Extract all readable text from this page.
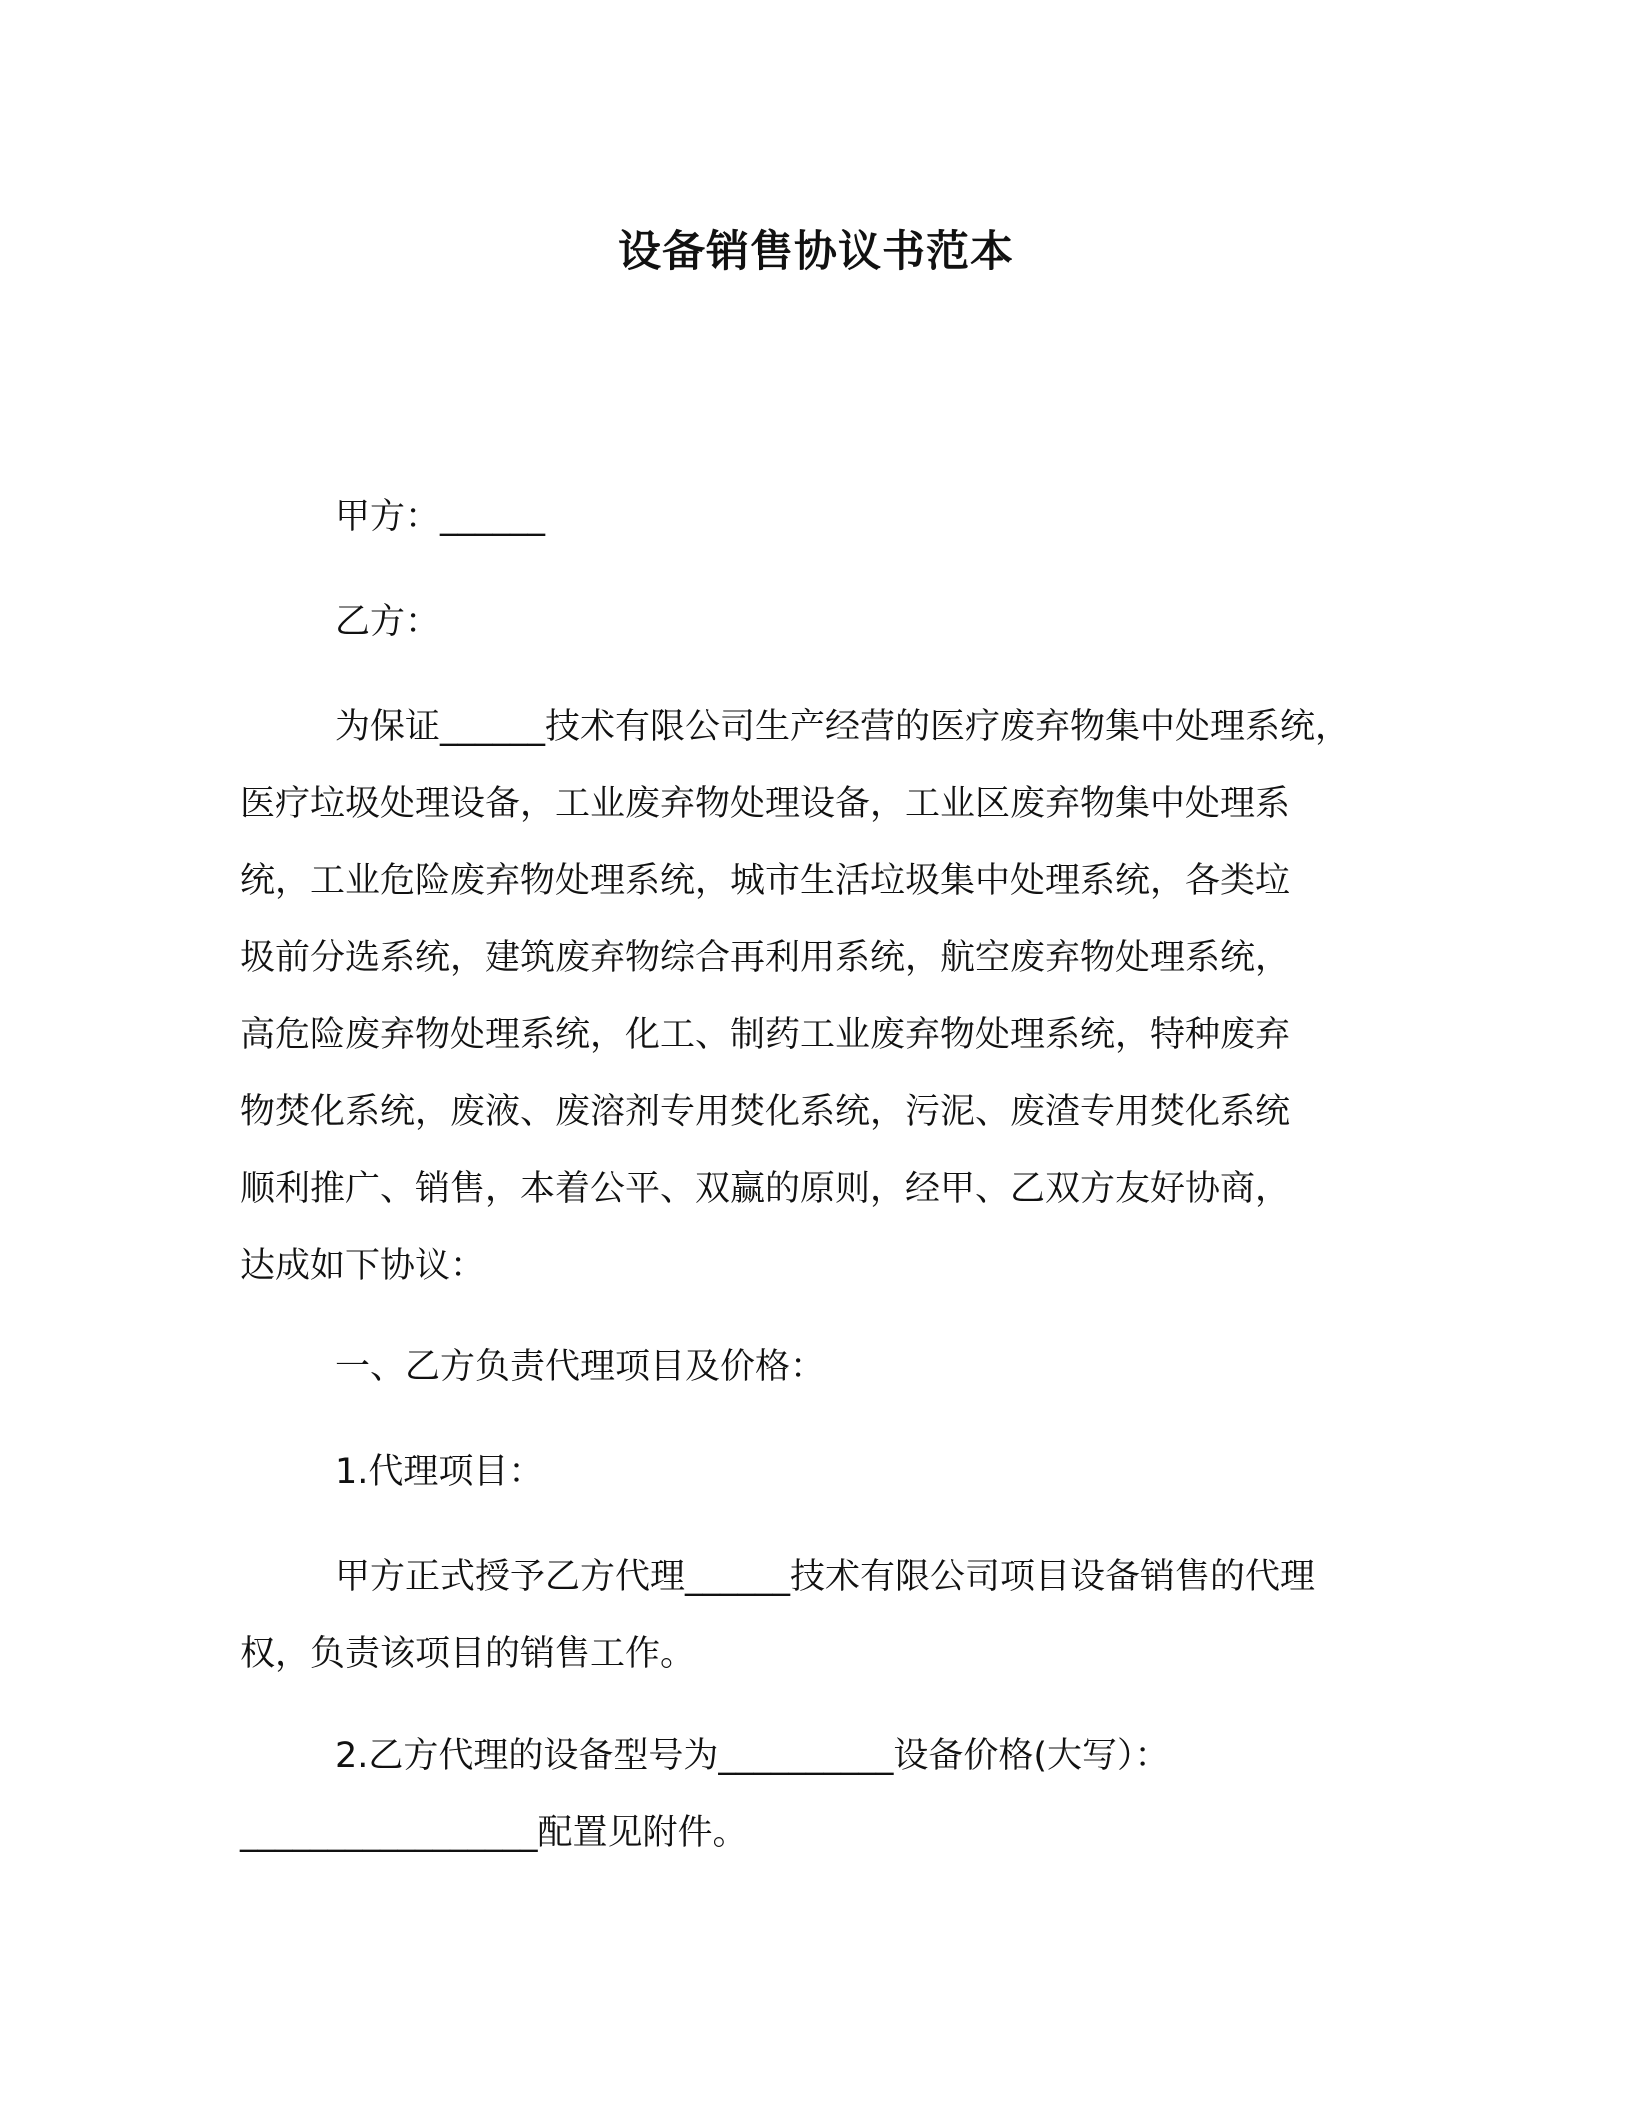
设备销售协议书范本
甲方：______
乙方：
为保证______技术有限公司生产经营的医疗废弃物集中处理系统，
医疗垃圾处理设备，工业废弃物处理设备，工业区废弃物集中处理系
统，工业危险废弃物处理系统，城市生活垃圾集中处理系统，各类垃
圾前分选系统，建筑废弃物综合再利用系统，航空废弃物处理系统，
高危险废弃物处理系统，化工、制药工业废弃物处理系统，特种废弃
物焚化系统，废液、废溶剂专用焚化系统，污泥、废渣专用焚化系统
顺利推广、销售，本着公平、双赢的原则，经甲、乙双方友好协商，
达成如下协议：
一、乙方负责代理项目及价格：
1.代理项目：
甲方正式授予乙方代理______技术有限公司项目设备销售的代理
权，负责该项目的销售工作。
2.乙方代理的设备型号为__________设备价格(大写）：
_________________配置见附件。
